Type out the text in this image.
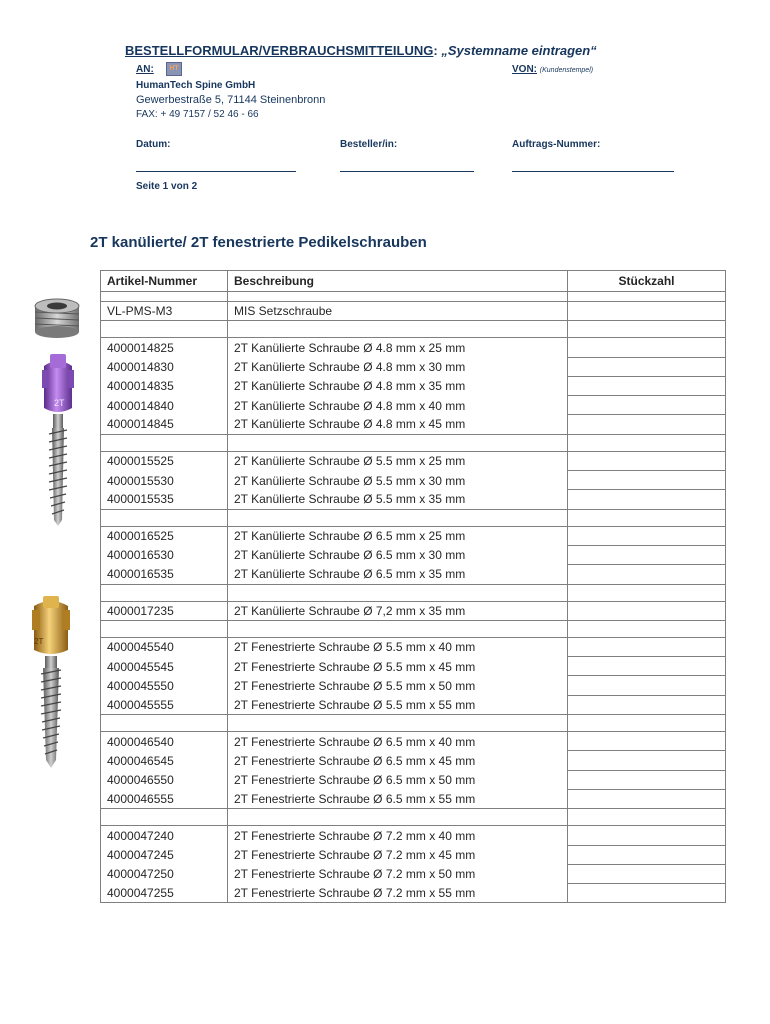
BESTELLFORMULAR/VERBRAUCHSMITTEILUNG: „Systemname eintragen“
AN:	HT	VON: (Kundenstempel)
HumanTech Spine GmbH
Gewerbestraße 5, 71144 Steinenbronn
FAX: + 49 7157 / 52 46 - 66
Datum:	Besteller/in:	Auftrags-Nummer:
Seite 1 von 2
2T kanülierte/ 2T fenestrierte Pedikelschrauben
Artikel-Nummer	Beschreibung	Stückzahl

VL-PMS-M3	MIS Setzschraube	

4000014825	2T Kanülierte Schraube Ø 4.8 mm x 25 mm	
4000014830	2T Kanülierte Schraube Ø 4.8 mm x 30 mm	
4000014835	2T Kanülierte Schraube Ø 4.8 mm x 35 mm	
4000014840	2T Kanülierte Schraube Ø 4.8 mm x 40 mm	
4000014845	2T Kanülierte Schraube Ø 4.8 mm x 45 mm	

4000015525	2T Kanülierte Schraube Ø 5.5 mm x 25 mm	
4000015530	2T Kanülierte Schraube Ø 5.5 mm x 30 mm	
4000015535	2T Kanülierte Schraube Ø 5.5 mm x 35 mm	

4000016525	2T Kanülierte Schraube Ø 6.5 mm x 25 mm	
4000016530	2T Kanülierte Schraube Ø 6.5 mm x 30 mm	
4000016535	2T Kanülierte Schraube Ø 6.5 mm x 35 mm	

4000017235	2T Kanülierte Schraube Ø 7,2 mm x 35 mm	

4000045540	2T Fenestrierte Schraube Ø 5.5 mm x 40 mm	
4000045545	2T Fenestrierte Schraube Ø 5.5 mm x 45 mm	
4000045550	2T Fenestrierte Schraube Ø 5.5 mm x 50 mm	
4000045555	2T Fenestrierte Schraube Ø 5.5 mm x 55 mm	

4000046540	2T Fenestrierte Schraube Ø 6.5 mm x 40 mm	
4000046545	2T Fenestrierte Schraube Ø 6.5 mm x 45 mm	
4000046550	2T Fenestrierte Schraube Ø 6.5 mm x 50 mm	
4000046555	2T Fenestrierte Schraube Ø 6.5 mm x 55 mm	

4000047240	2T Fenestrierte Schraube Ø 7.2 mm x 40 mm	
4000047245	2T Fenestrierte Schraube Ø 7.2 mm x 45 mm	
4000047250	2T Fenestrierte Schraube Ø 7.2 mm x 50 mm	
4000047255	2T Fenestrierte Schraube Ø 7.2 mm x 55 mm	
2T
2T
